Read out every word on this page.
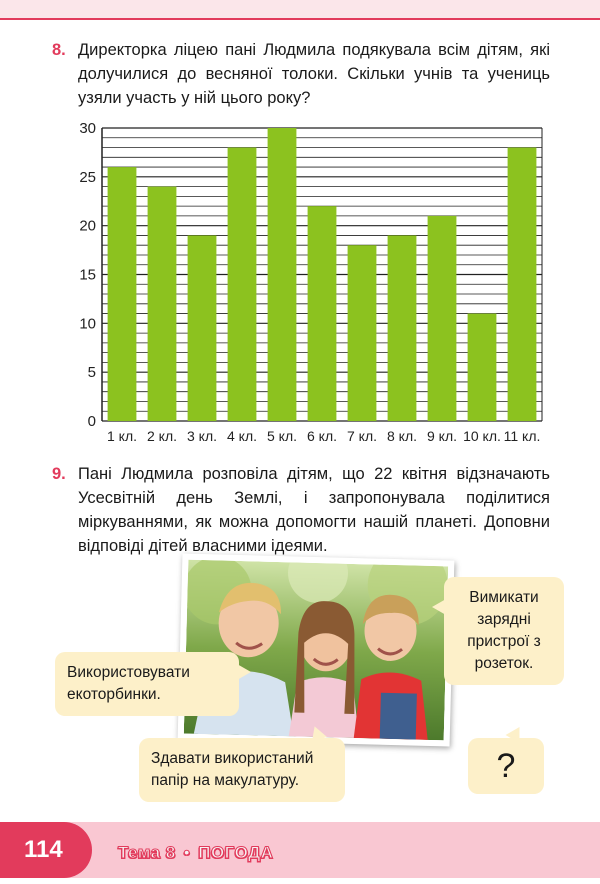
8. Директорка ліцею пані Людмила подякувала всім дітям, які долучилися до весняної толоки. Скільки учнів та учениць узяли участь у ній цього року?
0
5
10
15
20
25
30
1 кл. 2 кл. 3 кл. 4 кл. 5 кл. 6 кл. 7 кл. 8 кл. 9 кл. 10 кл. 11 кл.
9. Пані Людмила розповіла дітям, що 22 квітня відзначають Усесвітній день Землі, і запропонувала поділитися міркуваннями, як можна допомогти нашій планеті. Доповни відповіді дітей власними ідеями.
Використовувати екоторбинки.
Вимикати зарядні пристрої з розеток.
Здавати використаний папір на макулатуру.	?
114	Тема 8 • ПОГОДА
